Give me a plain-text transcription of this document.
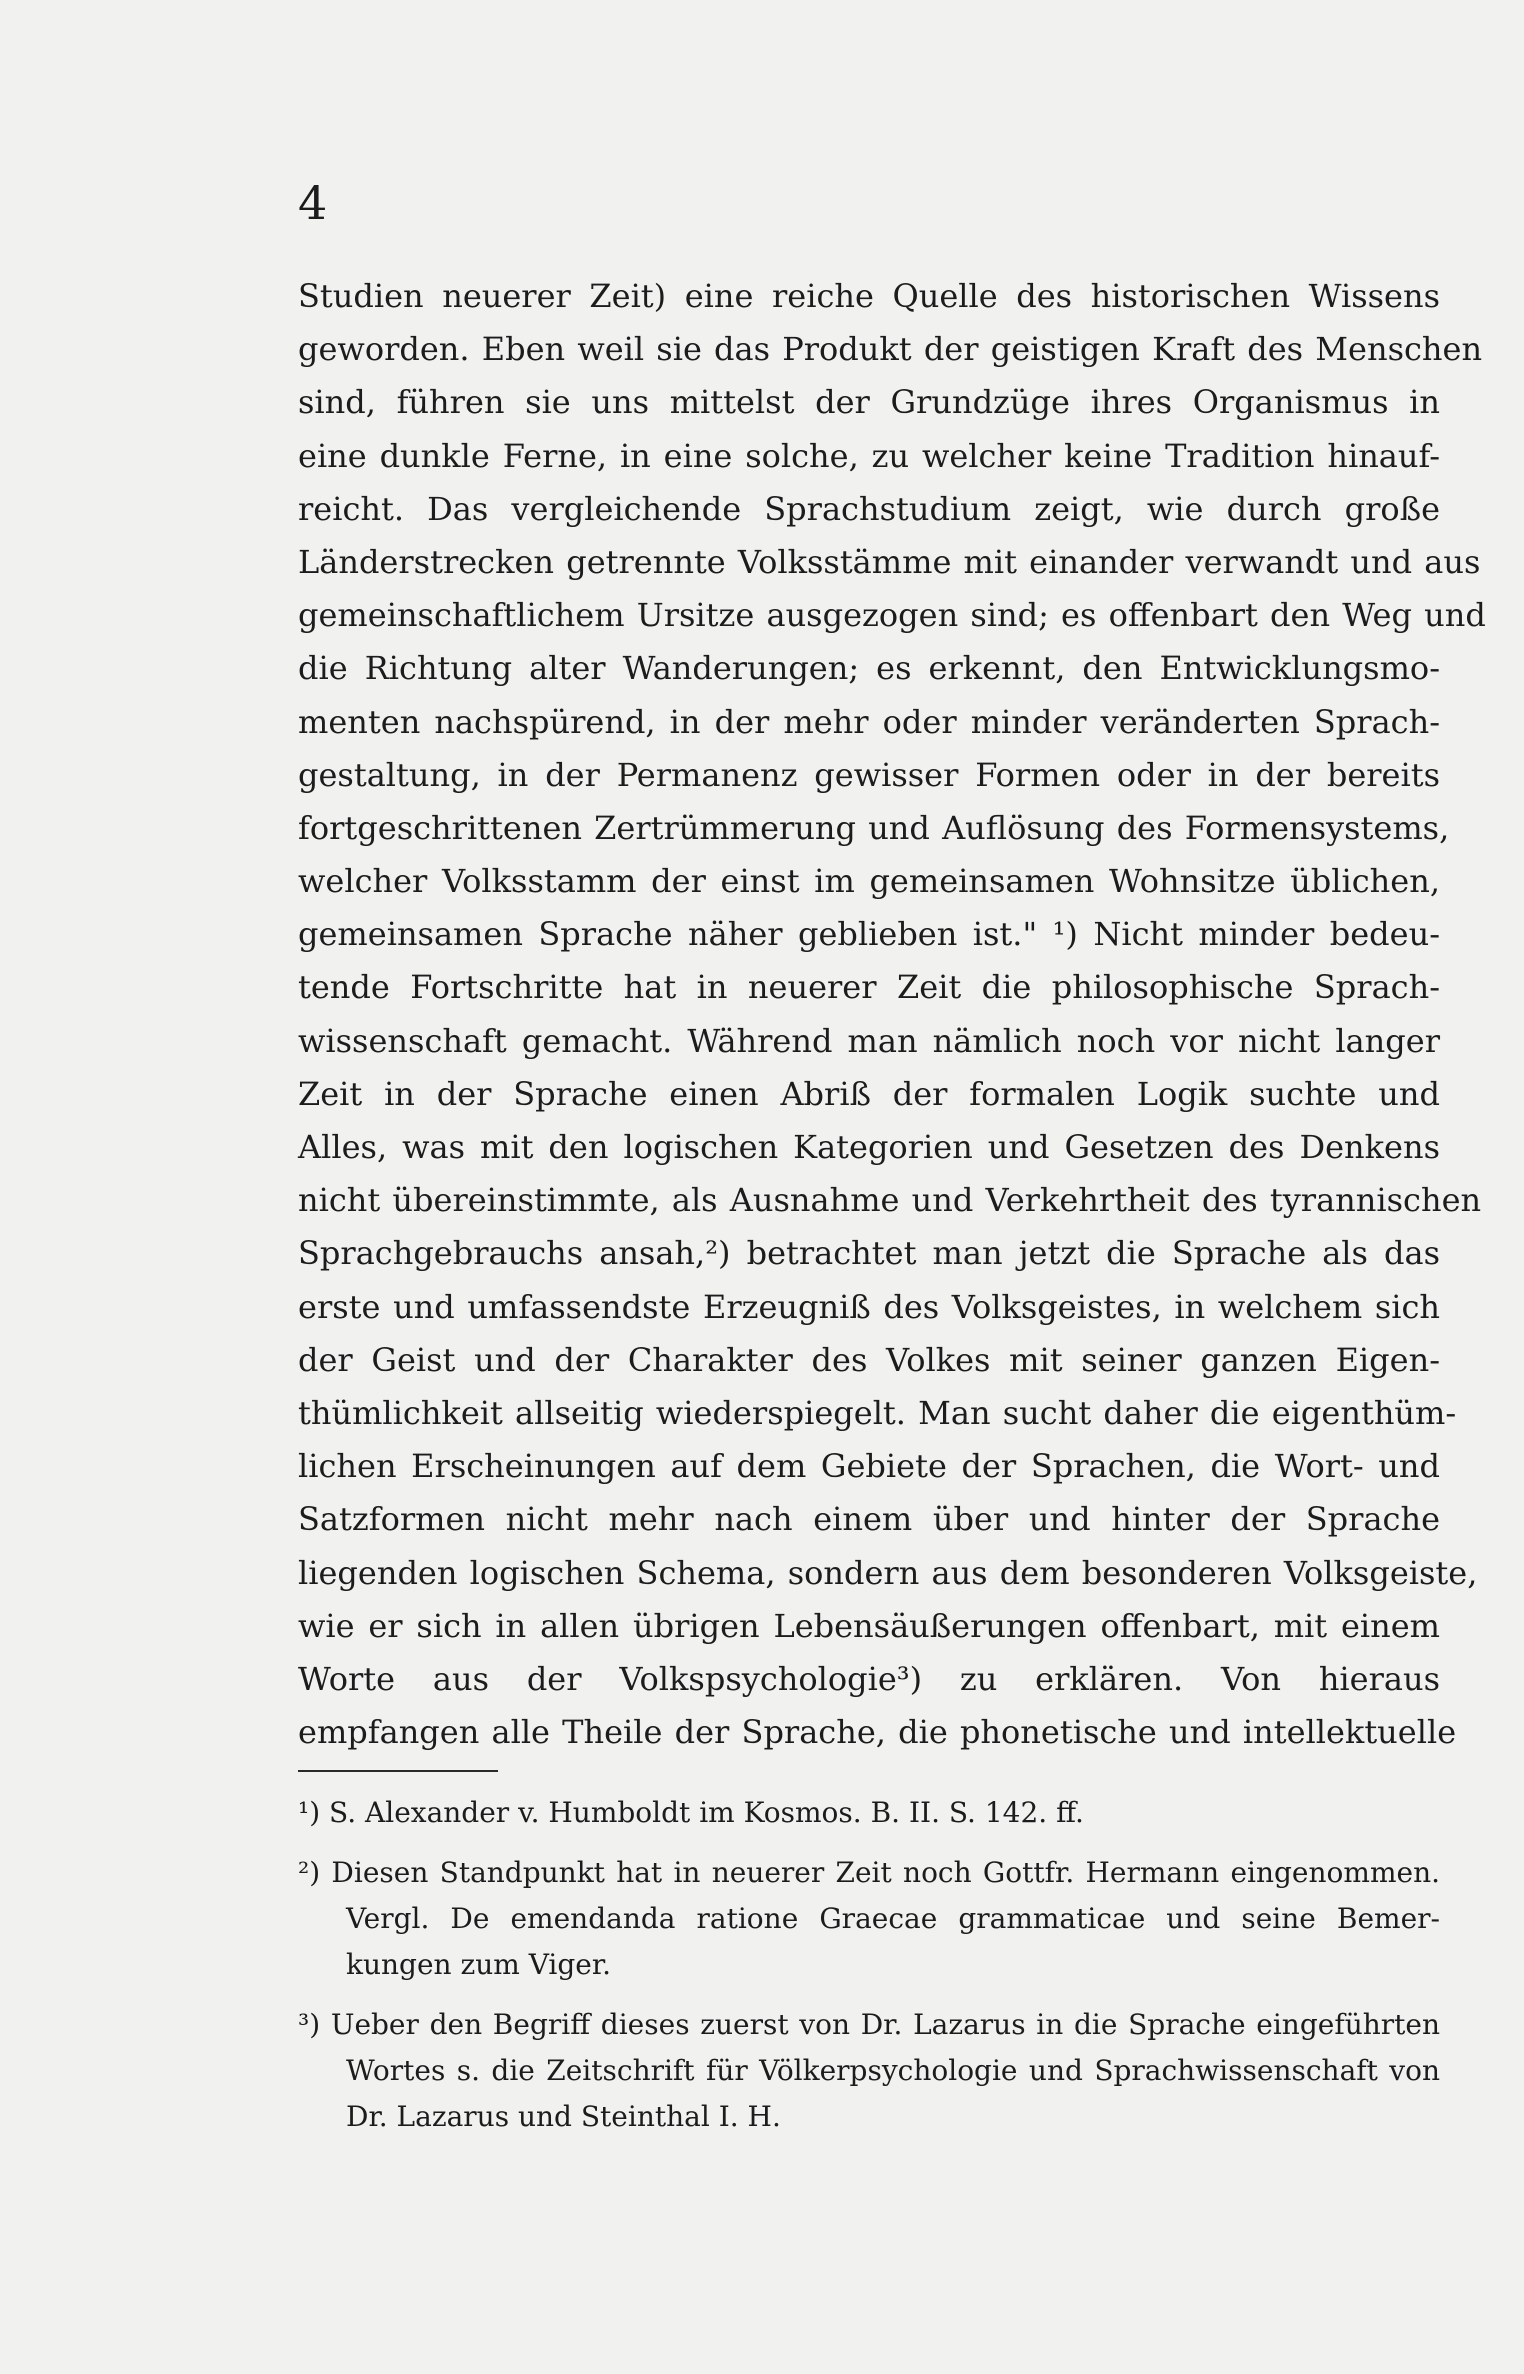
4
Studien neuerer Zeit) eine reiche Quelle des historischen Wissens
geworden. Eben weil sie das Produkt der geistigen Kraft des Menschen
sind, führen sie uns mittelst der Grundzüge ihres Organismus in
eine dunkle Ferne, in eine solche, zu welcher keine Tradition hinauf-
reicht. Das vergleichende Sprachstudium zeigt, wie durch große
Länderstrecken getrennte Volksstämme mit einander verwandt und aus
gemeinschaftlichem Ursitze ausgezogen sind; es offenbart den Weg und
die Richtung alter Wanderungen; es erkennt, den Entwicklungsmo-
menten nachspürend, in der mehr oder minder veränderten Sprach-
gestaltung, in der Permanenz gewisser Formen oder in der bereits
fortgeschrittenen Zertrümmerung und Auflösung des Formensystems,
welcher Volksstamm der einst im gemeinsamen Wohnsitze üblichen,
gemeinsamen Sprache näher geblieben ist." ¹) Nicht minder bedeu-
tende Fortschritte hat in neuerer Zeit die philosophische Sprach-
wissenschaft gemacht. Während man nämlich noch vor nicht langer
Zeit in der Sprache einen Abriß der formalen Logik suchte und
Alles, was mit den logischen Kategorien und Gesetzen des Denkens
nicht übereinstimmte, als Ausnahme und Verkehrtheit des tyrannischen
Sprachgebrauchs ansah,²) betrachtet man jetzt die Sprache als das
erste und umfassendste Erzeugniß des Volksgeistes, in welchem sich
der Geist und der Charakter des Volkes mit seiner ganzen Eigen-
thümlichkeit allseitig wiederspiegelt. Man sucht daher die eigenthüm-
lichen Erscheinungen auf dem Gebiete der Sprachen, die Wort- und
Satzformen nicht mehr nach einem über und hinter der Sprache
liegenden logischen Schema, sondern aus dem besonderen Volksgeiste,
wie er sich in allen übrigen Lebensäußerungen offenbart, mit einem
Worte aus der Volkspsychologie³) zu erklären. Von hieraus
empfangen alle Theile der Sprache, die phonetische und intellektuelle
¹) S. Alexander v. Humboldt im Kosmos. B. II. S. 142. ff.
²) Diesen Standpunkt hat in neuerer Zeit noch Gottfr. Hermann eingenommen.
Vergl. De emendanda ratione Graecae grammaticae und seine Bemer-
kungen zum Viger.
³) Ueber den Begriff dieses zuerst von Dr. Lazarus in die Sprache eingeführten
Wortes s. die Zeitschrift für Völkerpsychologie und Sprachwissenschaft von
Dr. Lazarus und Steinthal I. H.
